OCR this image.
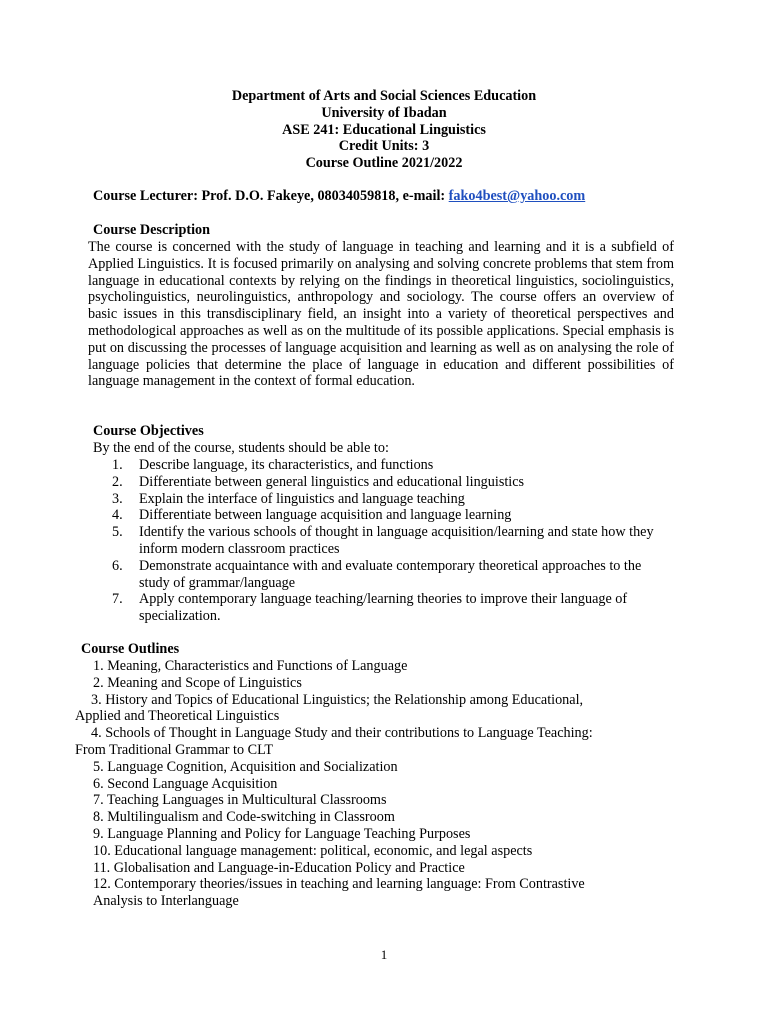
Department of Arts and Social Sciences Education
University of Ibadan
ASE 241: Educational Linguistics
Credit Units: 3
Course Outline 2021/2022
Course Lecturer: Prof. D.O. Fakeye, 08034059818, e-mail: fako4best@yahoo.com
Course Description
The course is concerned with the study of language in teaching and learning and it is a subfield of Applied Linguistics. It is focused primarily on analysing and solving concrete problems that stem from language in educational contexts by relying on the findings in theoretical linguistics, sociolinguistics, psycholinguistics, neurolinguistics, anthropology and sociology. The course offers an overview of basic issues in this transdisciplinary field, an insight into a variety of theoretical perspectives and methodological approaches as well as on the multitude of its possible applications. Special emphasis is put on discussing the processes of language acquisition and learning as well as on analysing the role of language policies that determine the place of language in education and different possibilities of language management in the context of formal education.
Course Objectives
By the end of the course, students should be able to:
1. Describe language, its characteristics, and functions
2. Differentiate between general linguistics and educational linguistics
3. Explain the interface of linguistics and language teaching
4. Differentiate between language acquisition and language learning
5. Identify the various schools of thought in language acquisition/learning and state how they inform modern classroom practices
6. Demonstrate acquaintance with and evaluate contemporary theoretical approaches to the study of grammar/language
7. Apply contemporary language teaching/learning theories to improve their language of specialization.
Course Outlines
1. Meaning, Characteristics and Functions of Language
2. Meaning and Scope of Linguistics
3. History and Topics of Educational Linguistics; the Relationship among Educational,
Applied and Theoretical Linguistics
4. Schools of Thought in Language Study and their contributions to Language Teaching:
From Traditional Grammar to CLT
5. Language Cognition, Acquisition and Socialization
6. Second Language Acquisition
7. Teaching Languages in Multicultural Classrooms
8. Multilingualism and Code-switching in Classroom
9. Language Planning and Policy for Language Teaching Purposes
10. Educational language management: political, economic, and legal aspects
11. Globalisation and Language-in-Education Policy and Practice
12. Contemporary theories/issues in teaching and learning language: From Contrastive
Analysis to Interlanguage
1
